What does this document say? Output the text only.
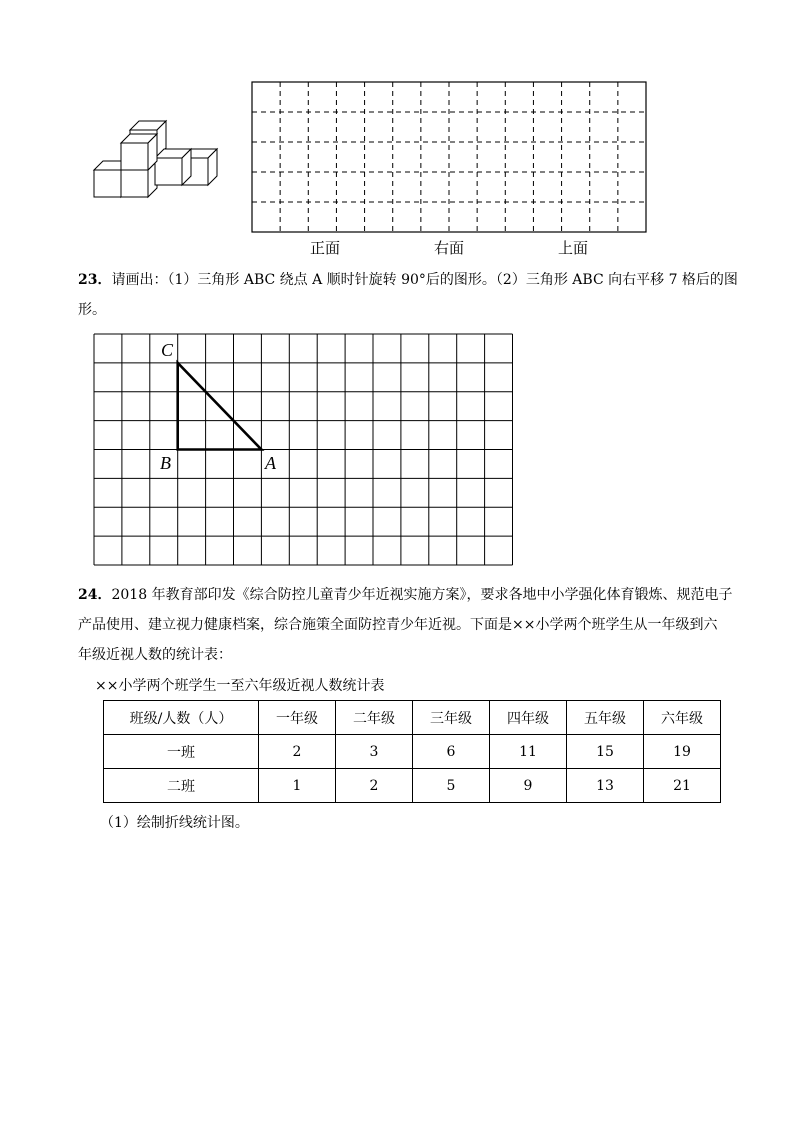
正面	右面	上面
23．请画出：（1）三角形 ABC 绕点 A 顺时针旋转 90°后的图形。（2）三角形 ABC 向右平移 7 格后的图
形。
C
B	A
24．2018 年教育部印发《综合防控儿童青少年近视实施方案》，要求各地中小学强化体育锻炼、规范电子
产品使用、建立视力健康档案，综合施策全面防控青少年近视。下面是××小学两个班学生从一年级到六
年级近视人数的统计表：
××小学两个班学生一至六年级近视人数统计表
班级/人数（人）	一年级	二年级	三年级	四年级	五年级	六年级
一班	2	3	6	11	15	19
二班	1	2	5	9	13	21
（1）绘制折线统计图。
